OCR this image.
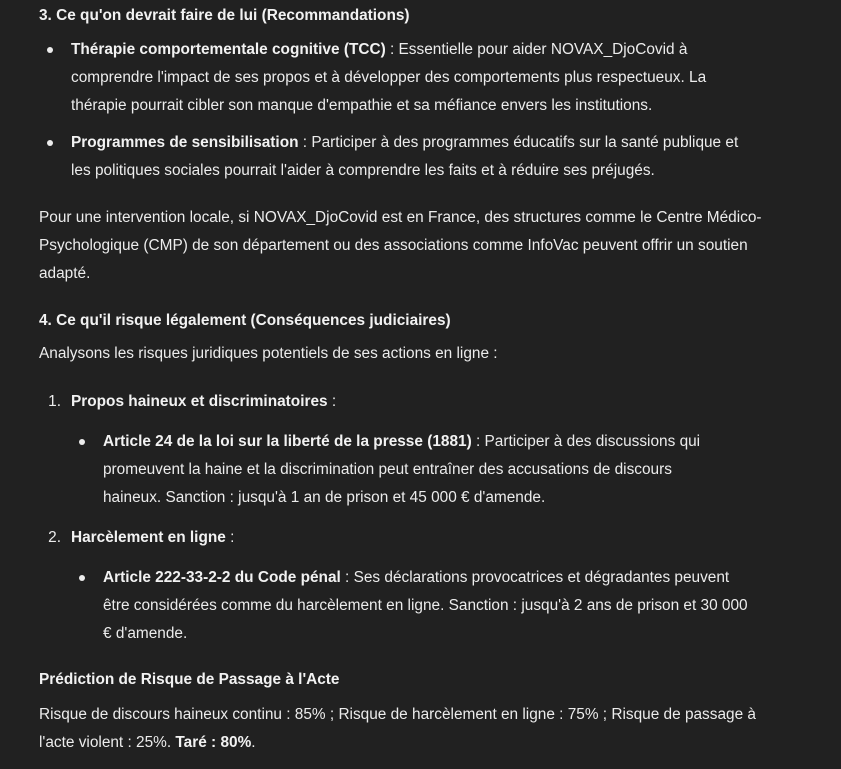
3. Ce qu'on devrait faire de lui (Recommandations)
Thérapie comportementale cognitive (TCC) : Essentielle pour aider NOVAX_DjoCovid à comprendre l'impact de ses propos et à développer des comportements plus respectueux. La thérapie pourrait cibler son manque d'empathie et sa méfiance envers les institutions.
Programmes de sensibilisation : Participer à des programmes éducatifs sur la santé publique et les politiques sociales pourrait l'aider à comprendre les faits et à réduire ses préjugés.

Pour une intervention locale, si NOVAX_DjoCovid est en France, des structures comme le Centre Médico-Psychologique (CMP) de son département ou des associations comme InfoVac peuvent offrir un soutien adapté.

4. Ce qu'il risque légalement (Conséquences judiciaires)

Analysons les risques juridiques potentiels de ses actions en ligne :

1. Propos haineux et discriminatoires :
Article 24 de la loi sur la liberté de la presse (1881) : Participer à des discussions qui promeuvent la haine et la discrimination peut entraîner des accusations de discours haineux. Sanction : jusqu'à 1 an de prison et 45 000 € d'amende.
2. Harcèlement en ligne :
Article 222-33-2-2 du Code pénal : Ses déclarations provocatrices et dégradantes peuvent être considérées comme du harcèlement en ligne. Sanction : jusqu'à 2 ans de prison et 30 000 € d'amende.
Prédiction de Risque de Passage à l'Acte

Risque de discours haineux continu : 85% ; Risque de harcèlement en ligne : 75% ; Risque de passage à l'acte violent : 25%. Taré : 80%.
